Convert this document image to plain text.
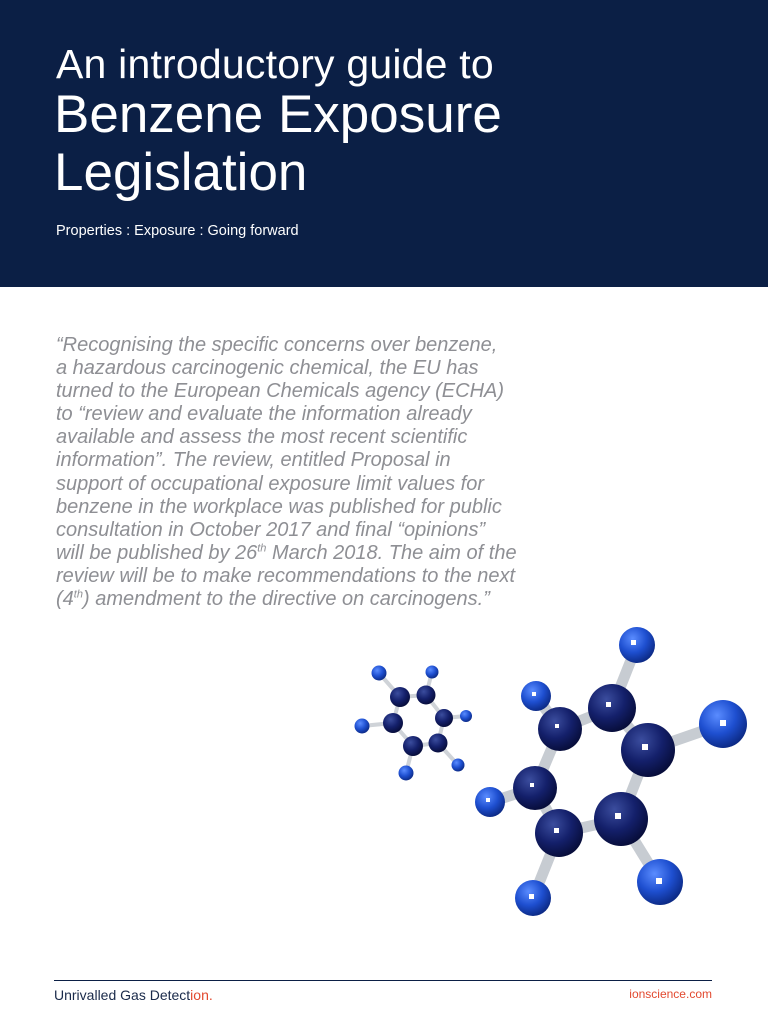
An introductory guide to
Benzene Exposure
Legislation
Properties : Exposure : Going forward
“Recognising the specific concerns over benzene,
a hazardous carcinogenic chemical, the EU has
turned to the European Chemicals agency (ECHA)
to “review and evaluate the information already
available and assess the most recent scientific
information”. The review, entitled Proposal in
support of occupational exposure limit values for
benzene in the workplace was published for public
consultation in October 2017 and final “opinions”
will be published by 26th March 2018. The aim of the
review will be to make recommendations to the next
(4th) amendment to the directive on carcinogens.”
Unrivalled Gas Detection.	ionscience.com
